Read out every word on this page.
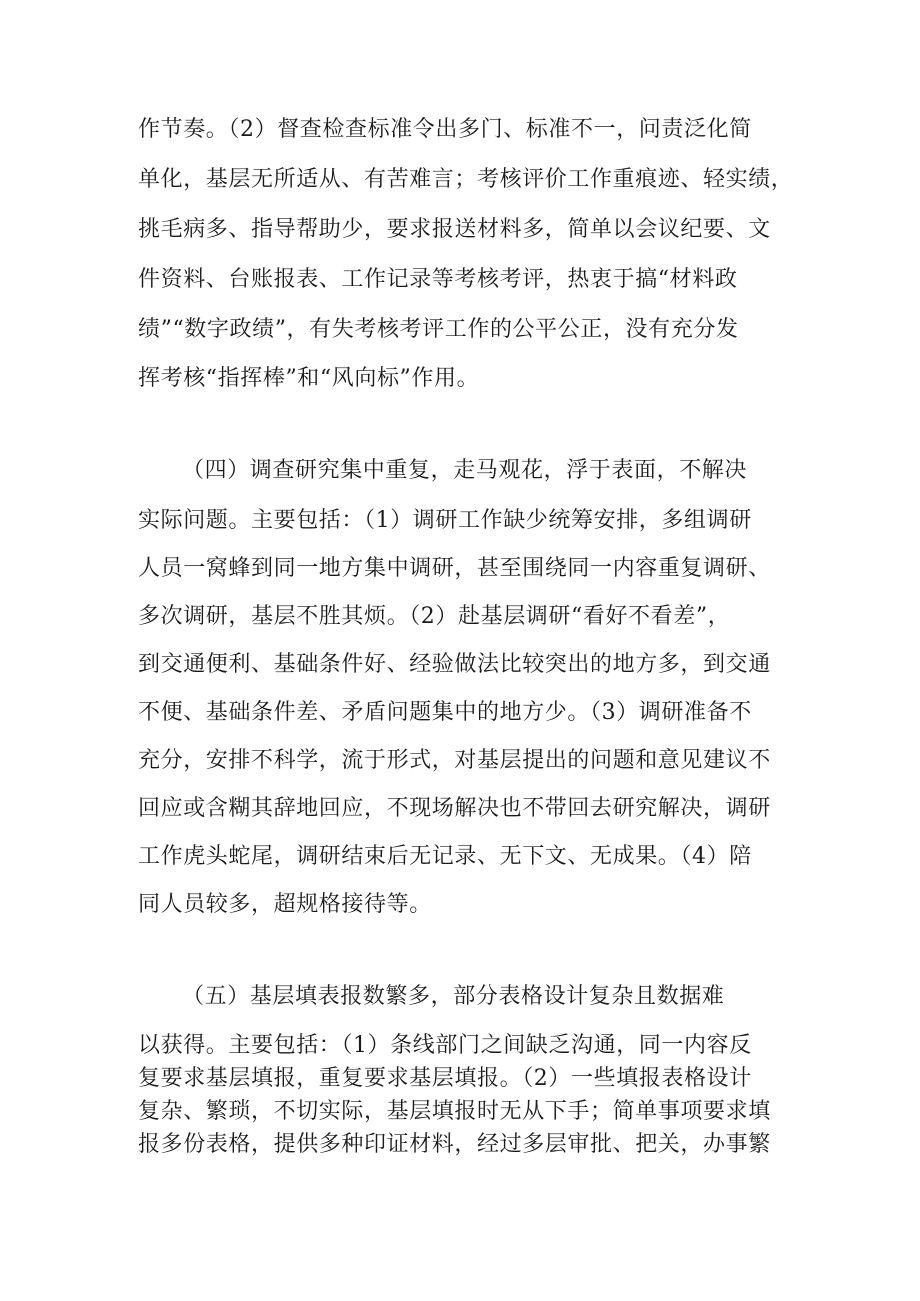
作节奏。（2）督查检查标准令出多门、标准不一，问责泛化简
单化，基层无所适从、有苦难言；考核评价工作重痕迹、轻实绩，
挑毛病多、指导帮助少，要求报送材料多，简单以会议纪要、文
件资料、台账报表、工作记录等考核考评，热衷于搞“材料政
绩”“数字政绩”，有失考核考评工作的公平公正，没有充分发
挥考核“指挥棒”和“风向标”作用。
（四）调查研究集中重复，走马观花，浮于表面，不解决
实际问题。主要包括：（1）调研工作缺少统筹安排，多组调研
人员一窝蜂到同一地方集中调研，甚至围绕同一内容重复调研、
多次调研，基层不胜其烦。（2）赴基层调研“看好不看差”，
到交通便利、基础条件好、经验做法比较突出的地方多，到交通
不便、基础条件差、矛盾问题集中的地方少。（3）调研准备不
充分，安排不科学，流于形式，对基层提出的问题和意见建议不
回应或含糊其辞地回应，不现场解决也不带回去研究解决，调研
工作虎头蛇尾，调研结束后无记录、无下文、无成果。（4）陪
同人员较多，超规格接待等。
（五）基层填表报数繁多，部分表格设计复杂且数据难
以获得。主要包括：（1）条线部门之间缺乏沟通，同一内容反
复要求基层填报，重复要求基层填报。（2）一些填报表格设计
复杂、繁琐，不切实际，基层填报时无从下手；简单事项要求填
报多份表格，提供多种印证材料，经过多层审批、把关，办事繁
